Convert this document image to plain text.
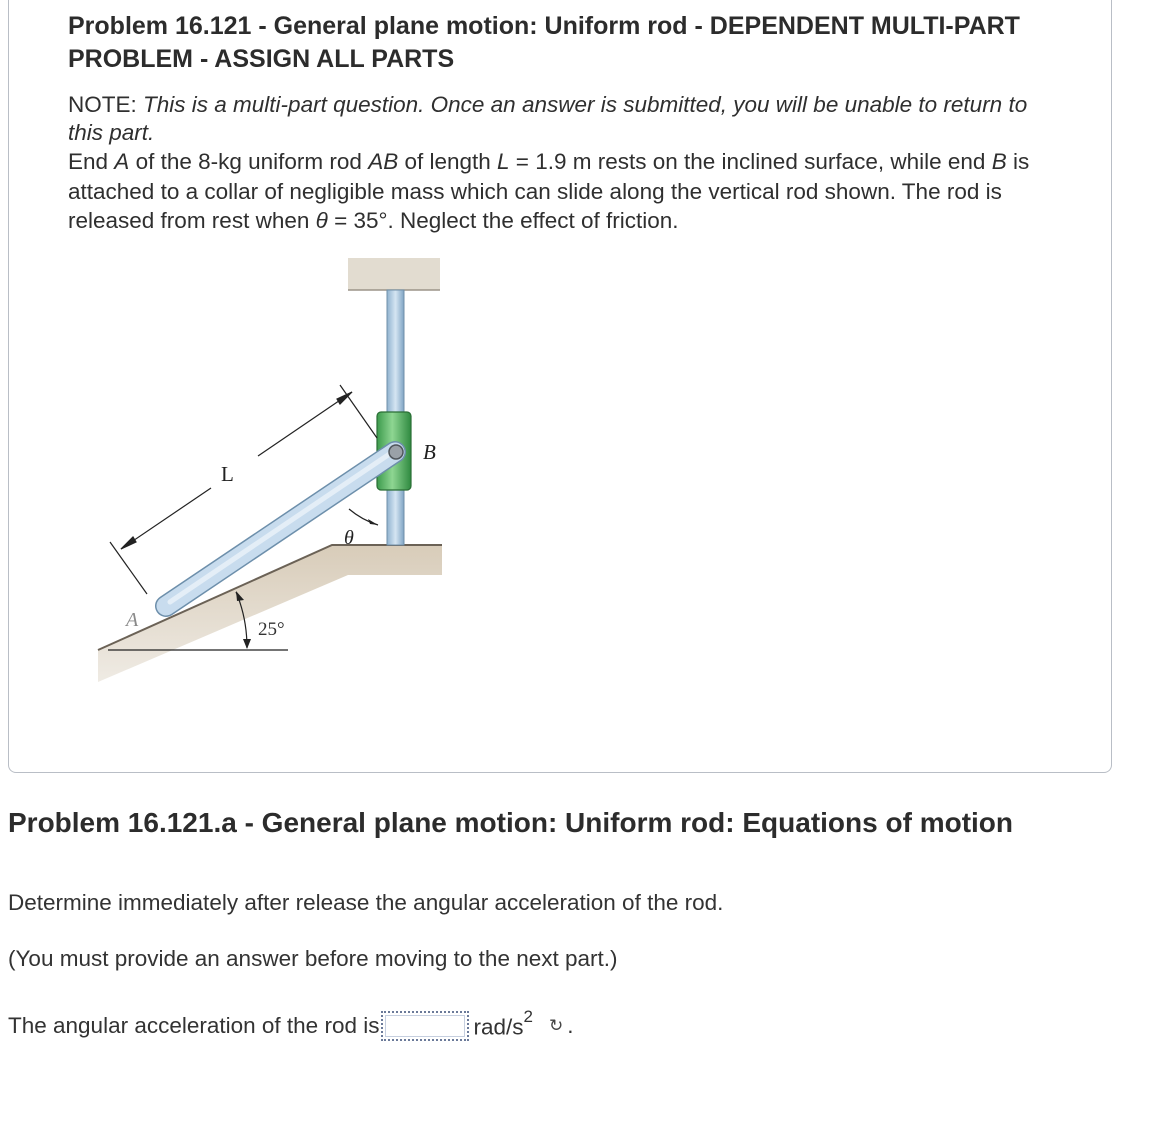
Problem 16.121 - General plane motion: Uniform rod - DEPENDENT MULTI-PART PROBLEM - ASSIGN ALL PARTS

NOTE: This is a multi-part question. Once an answer is submitted, you will be unable to return to this part.

End A of the 8-kg uniform rod AB of length L = 1.9 m rests on the inclined surface, while end B is attached to a collar of negligible mass which can slide along the vertical rod shown. The rod is released from rest when θ = 35°. Neglect the effect of friction.

L
B
θ
A	25°
Problem 16.121.a - General plane motion: Uniform rod: Equations of motion

Determine immediately after release the angular acceleration of the rod.

(You must provide an answer before moving to the next part.)

The angular acceleration of the rod is	rad/$s^2$ ↻ .
